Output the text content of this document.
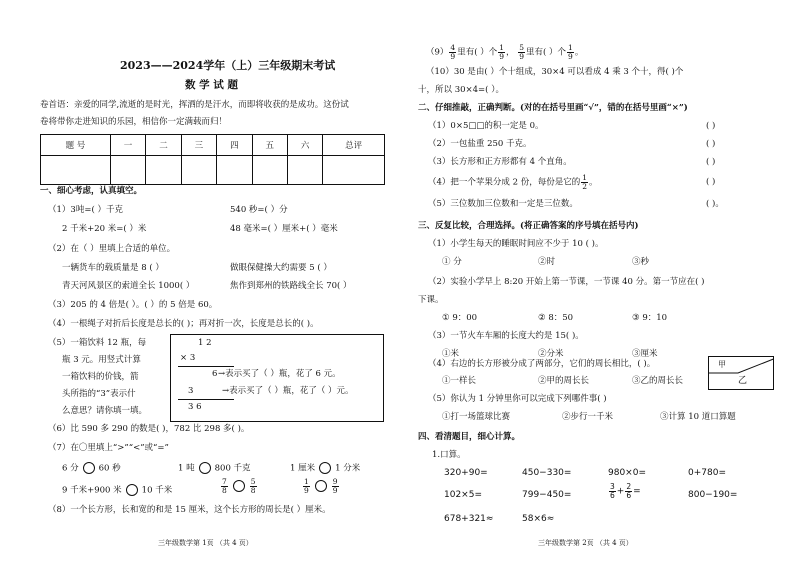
2023——2024学年（上）三年级期末考试
数 学 试 题
卷首语：亲爱的同学,流逝的是时光，挥洒的是汗水，而即将收获的是成功。这份试
卷将带你走进知识的乐园，相信你一定满载而归！
题 号	一	二	三	四	五	六	总评

一、细心考虑，认真填空。
（1）3吨=( ）千克	540 秒=( ）分
2 千米+20 米=( ）米	48 毫米=( ）厘米+( ）毫米
（2）在（ ）里填上合适的单位。
一辆货车的载质量是 8 ( ）	做眼保健操大约需要 5 ( ）
青天河风景区的索道全长 1000( ）	焦作到郑州的铁路线全长 70( ）
（3）205 的 4 倍是( ）。( ）的 5 倍是 60。
（4）一根绳子对折后长度是总长的( )；再对折一次，长度是总长的( )。
（5）一箱饮料 12 瓶，每
瓶 3 元。用竖式计算
一箱饮料的价钱，箭
头所指的“3”表示什
么意思？请你填一填。
1 2
× 3
6 →表示买了（ ）瓶，花了 6 元。
3	→表示买了（ ）瓶，花了（ ）元。
3 6
（6）比 590 多 290 的数是( )，782 比 298 多( )。
（7）在〇里填上“>”“<”或“=”
6 分 60 秒	1 吨 800 千克	1 厘米 1 分米
9 千米+900 米 10 千米	$\frac{7}{8}$	$\frac{5}{8}$	$\frac{1}{9}$	$\frac{9}{9}$
（8）一个长方形，长和宽的和是 15 厘米，这个长方形的周长是( ）厘米。
三年级数学第 1页 （共 4 页）
$(9) \frac{4}{9}$ 里有( ）个 $\frac{1}{9}$ ， $\frac{5}{9}$ 里有( ）个 $\frac{1}{9}$ 。
（10）30 是由( ）个十组成，30×4 可以看成 4 乘 3 个十，得( )个
十，所以 30×4=( ）。
二、仔细推敲，正确判断。(对的在括号里画“√”，错的在括号里画“×”)
（1）0×5□□的积一定是 0。	( )
（2）一包盐重 250 千克。	( )
（3）长方形和正方形都有 4 个直角。	( )
（4）把一个苹果分成 2 份，每份是它的 $\frac{1}{2}$ 。	( )
（5）三位数加三位数和一定是三位数。	( )。
三、反复比较，合理选择。(将正确答案的序号填在括号内)
（1）小学生每天的睡眠时间应不少于 10 ( )。
① 分	②时	③秒
（2）实验小学早上 8:20 开始上第一节课，一节课 40 分。第一节应在( )
下课。
① 9：00	② 8：50	③ 9：10
（3）一节火车车厢的长度大约是 15( )。
①米	②分米	③厘米
（4）右边的长方形被分成了两部分，它们的周长相比，( )。	甲
乙
①一样长	②甲的周长长	③乙的周长长
（5）你认为 1 分钟里你可以完成下列哪件事( )
①打一场篮球比赛	②步行一千米	③计算 10 道口算题
四、看清题目，细心计算。
1.口算。
320+90=	450−330=	980×0=	0+780=
102×5=	799−450=	$\frac{3}{6} + \frac{2}{6}$ =	800−190=
678+321≈	58×6≈
三年级数学第 2页 （共 4 页）
